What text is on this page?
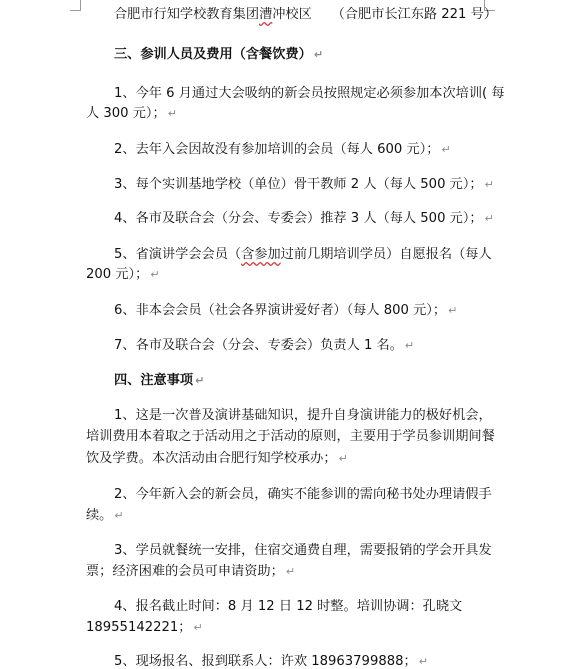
合肥市行知学校教育集团漕冲校区　　（合肥市长江东路 221 号）
三、参训人员及费用（含餐饮费） ↵
1、今年 6 月通过大会吸纳的新会员按照规定必须参加本次培训( 每
人 300 元）； ↵
2、去年入会因故没有参加培训的会员（每人 600 元）； ↵
3、每个实训基地学校（单位）骨干教师 2 人（每人 500 元）； ↵
4、各市及联合会（分会、专委会）推荐 3 人（每人 500 元）； ↵
5、省演讲学会会员（含参加过前几期培训学员）自愿报名（每人
200 元）； ↵
6、非本会会员（社会各界演讲爱好者）（每人 800 元）； ↵
7、各市及联合会（分会、专委会）负责人 1 名。 ↵
四、注意事项 ↵
1、这是一次普及演讲基础知识，提升自身演讲能力的极好机会，
培训费用本着取之于活动用之于活动的原则，主要用于学员参训期间餐
饮及学费。本次活动由合肥行知学校承办； ↵
2、今年新入会的新会员，确实不能参训的需向秘书处办理请假手
续。 ↵
3、学员就餐统一安排，住宿交通费自理，需要报销的学会开具发
票；经济困难的会员可申请资助； ↵
4、报名截止时间：8 月 12 日 12 时整。培训协调：孔晓文
18955142221； ↵
5、现场报名、报到联系人：许欢 18963799888； ↵
